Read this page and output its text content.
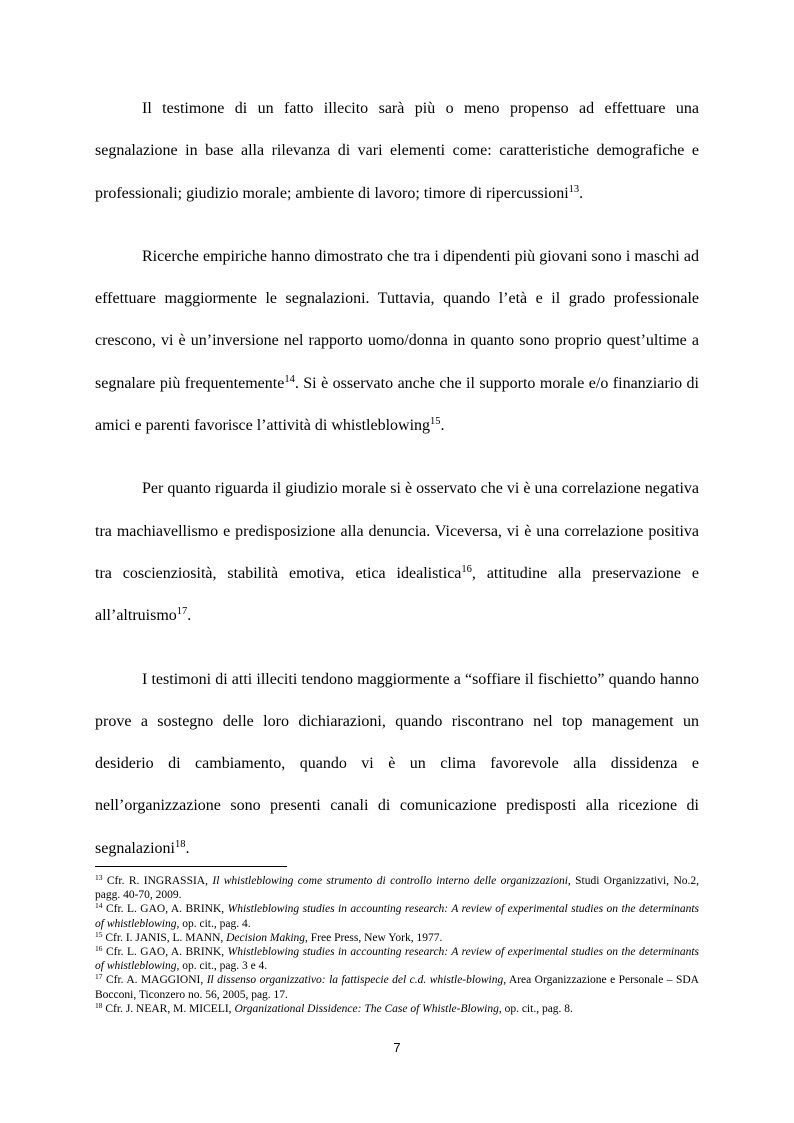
Il testimone di un fatto illecito sarà più o meno propenso ad effettuare una segnalazione in base alla rilevanza di vari elementi come: caratteristiche demografiche e professionali; giudizio morale; ambiente di lavoro; timore di ripercussioni$^{13}$.

Ricerche empiriche hanno dimostrato che tra i dipendenti più giovani sono i maschi ad effettuare maggiormente le segnalazioni. Tuttavia, quando l’età e il grado professionale crescono, vi è un’inversione nel rapporto uomo/donna in quanto sono proprio quest’ultime a segnalare più frequentemente$^{14}$. Si è osservato anche che il supporto morale e/o finanziario di amici e parenti favorisce l’attività di whistleblowing$^{15}$.

Per quanto riguarda il giudizio morale si è osservato che vi è una correlazione negativa tra machiavellismo e predisposizione alla denuncia. Viceversa, vi è una correlazione positiva tra coscienziosità, stabilità emotiva, etica idealistica$^{16}$, attitudine alla preservazione e all’altruismo$^{17}$.

I testimoni di atti illeciti tendono maggiormente a “soffiare il fischietto” quando hanno prove a sostegno delle loro dichiarazioni, quando riscontrano nel top management un desiderio di cambiamento, quando vi è un clima favorevole alla dissidenza e nell’organizzazione sono presenti canali di comunicazione predisposti alla ricezione di segnalazioni$^{18}$.

$^{13}$ Cfr. R. INGRASSIA, Il whistleblowing come strumento di controllo interno delle organizzazioni, Studi Organizzativi, No.2, pagg. 40-70, 2009.

$^{14}$ Cfr. L. GAO, A. BRINK, Whistleblowing studies in accounting research: A review of experimental studies on the determinants of whistleblowing, op. cit., pag. 4.

$^{15}$ Cfr. I. JANIS, L. MANN, Decision Making, Free Press, New York, 1977.

$^{16}$ Cfr. L. GAO, A. BRINK, Whistleblowing studies in accounting research: A review of experimental studies on the determinants of whistleblowing, op. cit., pag. 3 e 4.

$^{17}$ Cfr. A. MAGGIONI, Il dissenso organizzativo: la fattispecie del c.d. whistle-blowing, Area Organizzazione e Personale – SDA Bocconi, Ticonzero no. 56, 2005, pag. 17.

$^{18}$ Cfr. J. NEAR, M. MICELI, Organizational Dissidence: The Case of Whistle-Blowing, op. cit., pag. 8.

7
